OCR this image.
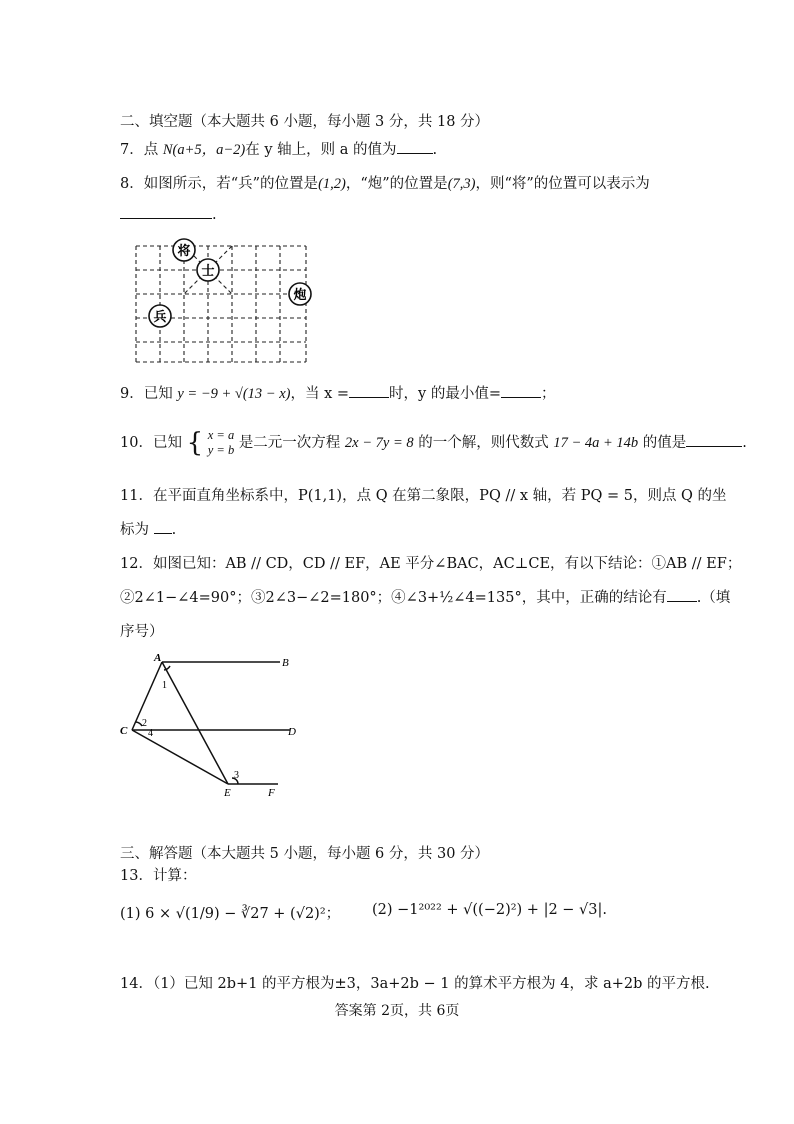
二、填空题（本大题共 6 小题，每小题 3 分，共 18 分）
7．点 N(a+5，a−2)在 y 轴上，则 a 的值为 .
8．如图所示，若“兵”的位置是(1,2)，“炮”的位置是(7,3)，则“将”的位置可以表示为
.
将
士
炮
兵
9．已知 y = −9 + √(13 − x)，当 x =	时，y 的最小值=	；
10．已知 { x = a
y = b 是二元一次方程 2x − 7y = 8 的一个解，则代数式 17 − 4a + 14b 的值是	.
11．在平面直角坐标系中，P(1,1)，点 Q 在第二象限，PQ // x 轴，若 PQ = 5，则点 Q 的坐
标为 .
12．如图已知：AB // CD，CD // EF，AE 平分∠BAC，AC⊥CE，有以下结论：①AB // EF；
②2∠1−∠4=90°；③2∠3−∠2=180°；④∠3+½∠4=135°，其中，正确的结论有 .（填
序号）
A	B
C	D
E	F
1
2
4
3
三、解答题（本大题共 5 小题，每小题 6 分，共 30 分）
13．计算：
(1) 6 × √(1/9) − ∛27 + (√2)²； (2) −1²⁰²² + √((−2)²) + |2 − √3|.
14．（1）已知 2b+1 的平方根为±3，3a+2b − 1 的算术平方根为 4，求 a+2b 的平方根.
答案第 2页，共 6页
